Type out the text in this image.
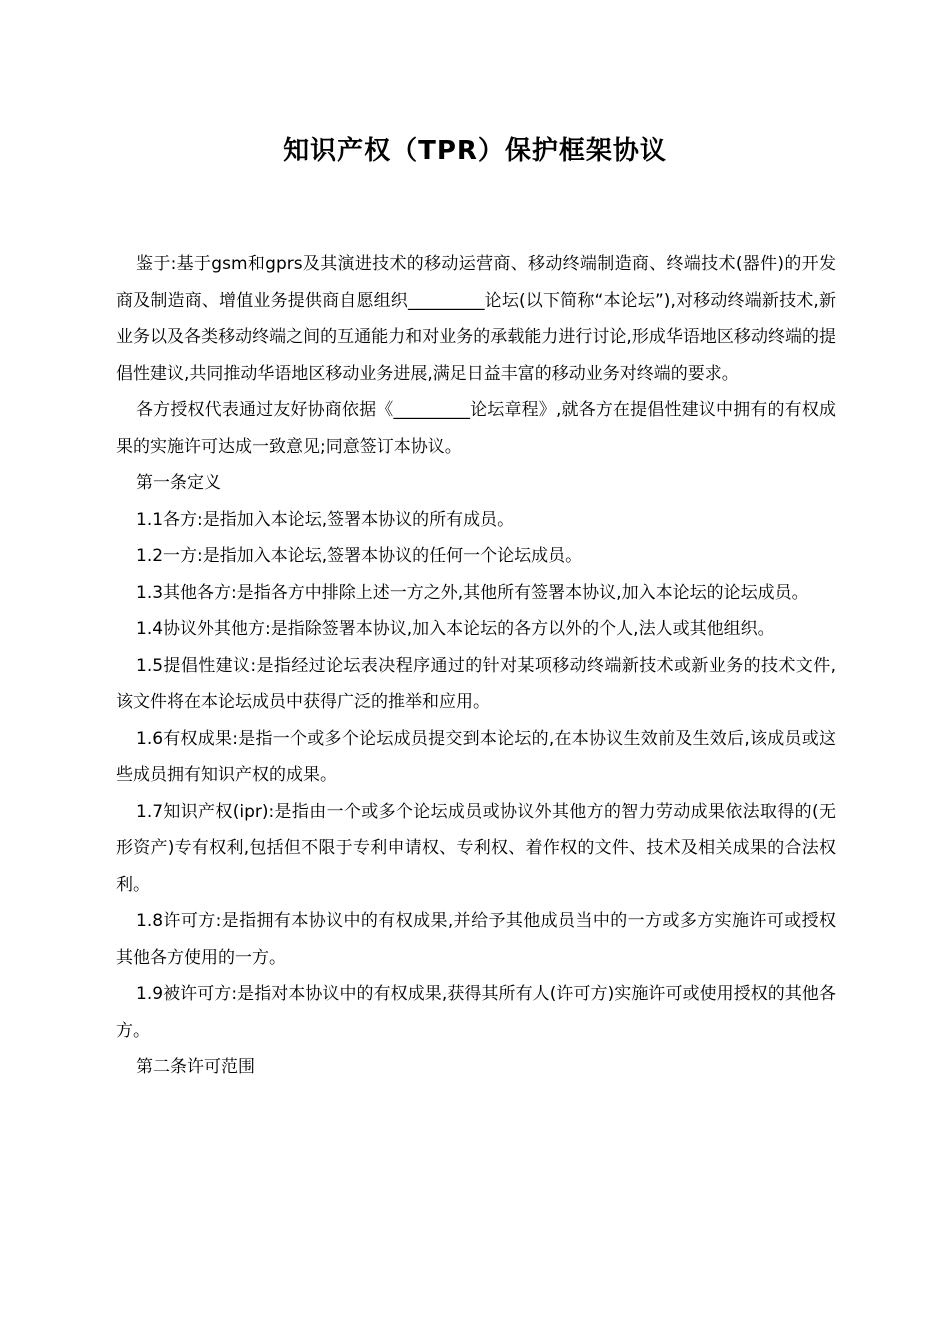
知识产权（TPR）保护框架协议

鉴于:基于gsm和gprs及其演进技术的移动运营商、移动终端制造商、终端技术(器件)的开发商及制造商、增值业务提供商自愿组织_________论坛(以下简称“本论坛”),对移动终端新技术,新业务以及各类移动终端之间的互通能力和对业务的承载能力进行讨论,形成华语地区移动终端的提倡性建议,共同推动华语地区移动业务进展,满足日益丰富的移动业务对终端的要求。

各方授权代表通过友好协商依据《_________论坛章程》,就各方在提倡性建议中拥有的有权成果的实施许可达成一致意见;同意签订本协议。

第一条定义

1.1各方:是指加入本论坛,签署本协议的所有成员。

1.2一方:是指加入本论坛,签署本协议的任何一个论坛成员。

1.3其他各方:是指各方中排除上述一方之外,其他所有签署本协议,加入本论坛的论坛成员。

1.4协议外其他方:是指除签署本协议,加入本论坛的各方以外的个人,法人或其他组织。

1.5提倡性建议:是指经过论坛表决程序通过的针对某项移动终端新技术或新业务的技术文件,该文件将在本论坛成员中获得广泛的推举和应用。

1.6有权成果:是指一个或多个论坛成员提交到本论坛的,在本协议生效前及生效后,该成员或这些成员拥有知识产权的成果。

1.7知识产权(ipr):是指由一个或多个论坛成员或协议外其他方的智力劳动成果依法取得的(无形资产)专有权利,包括但不限于专利申请权、专利权、着作权的文件、技术及相关成果的合法权利。

1.8许可方:是指拥有本协议中的有权成果,并给予其他成员当中的一方或多方实施许可或授权其他各方使用的一方。

1.9被许可方:是指对本协议中的有权成果,获得其所有人(许可方)实施许可或使用授权的其他各方。

第二条许可范围
